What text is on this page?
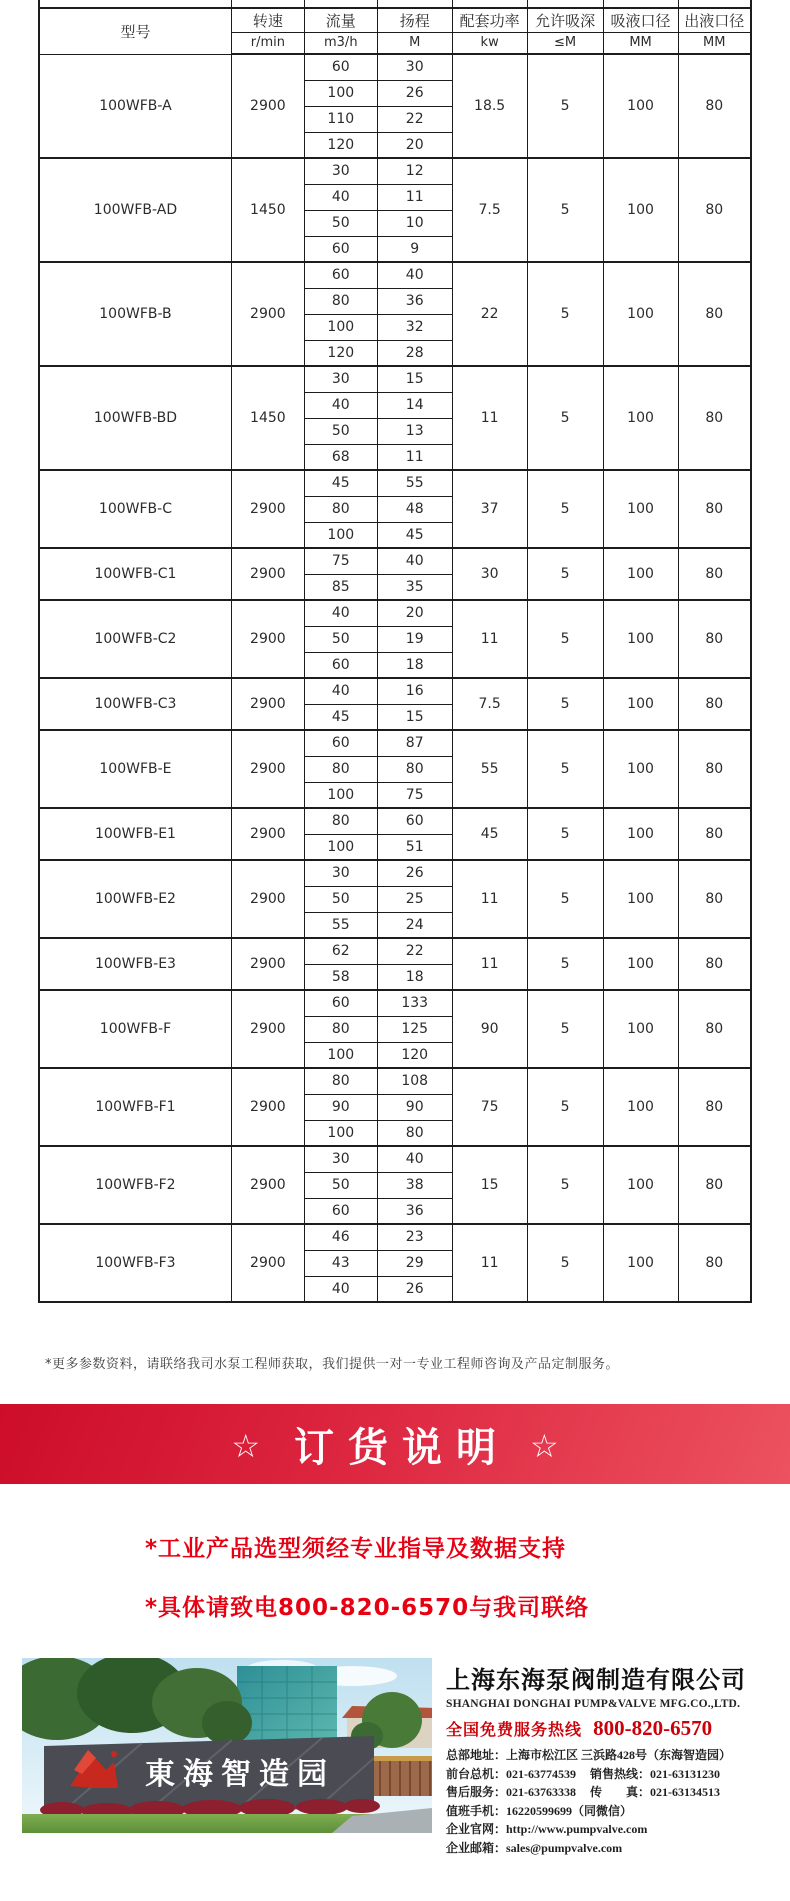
型号	转速	流量	扬程	配套功率	允许吸深	吸液口径	出液口径
	r/min	m3/h	M	kw	≤M	MM	MM
100WFB-A	2900	60	30	18.5	5	100	80
		100	26				
		110	22				
		120	20				
100WFB-AD	1450	30	12	7.5	5	100	80
		40	11				
		50	10				
		60	9				
100WFB-B	2900	60	40	22	5	100	80
		80	36				
		100	32				
		120	28				
100WFB-BD	1450	30	15	11	5	100	80
		40	14				
		50	13				
		68	11				
100WFB-C	2900	45	55	37	5	100	80
		80	48				
		100	45				
100WFB-C1	2900	75	40	30	5	100	80
		85	35				
100WFB-C2	2900	40	20	11	5	100	80
		50	19				
		60	18				
100WFB-C3	2900	40	16	7.5	5	100	80
		45	15				
100WFB-E	2900	60	87	55	5	100	80
		80	80				
		100	75				
100WFB-E1	2900	80	60	45	5	100	80
		100	51				
100WFB-E2	2900	30	26	11	5	100	80
		50	25				
		55	24				
100WFB-E3	2900	62	22	11	5	100	80
		58	18				
100WFB-F	2900	60	133	90	5	100	80
		80	125				
		100	120				
100WFB-F1	2900	80	108	75	5	100	80
		90	90				
		100	80				
100WFB-F2	2900	30	40	15	5	100	80
		50	38				
		60	36				
100WFB-F3	2900	46	23	11	5	100	80
		43	29				
		40	26				

*更多参数资料，请联络我司水泵工程师获取，我们提供一对一专业工程师咨询及产品定制服务。

☆ 订货说明 ☆

*工业产品选型须经专业指导及数据支持

*具体请致电800-820-6570与我司联络

東海智造园
上海东海泵阀制造有限公司
SHANGHAI DONGHAI PUMP&VALVE MFG.CO.,LTD.
全国免费服务热线 800-820-6570
总部地址：上海市松江区 三浜路428号（东海智造园）
前台总机：021-63774539 销售热线：021-63131230
售后服务：021-63763338 传　　真：021-63134513
值班手机：16220599699（同微信）
企业官网：http://www.pumpvalve.com
企业邮箱：sales@pumpvalve.com
